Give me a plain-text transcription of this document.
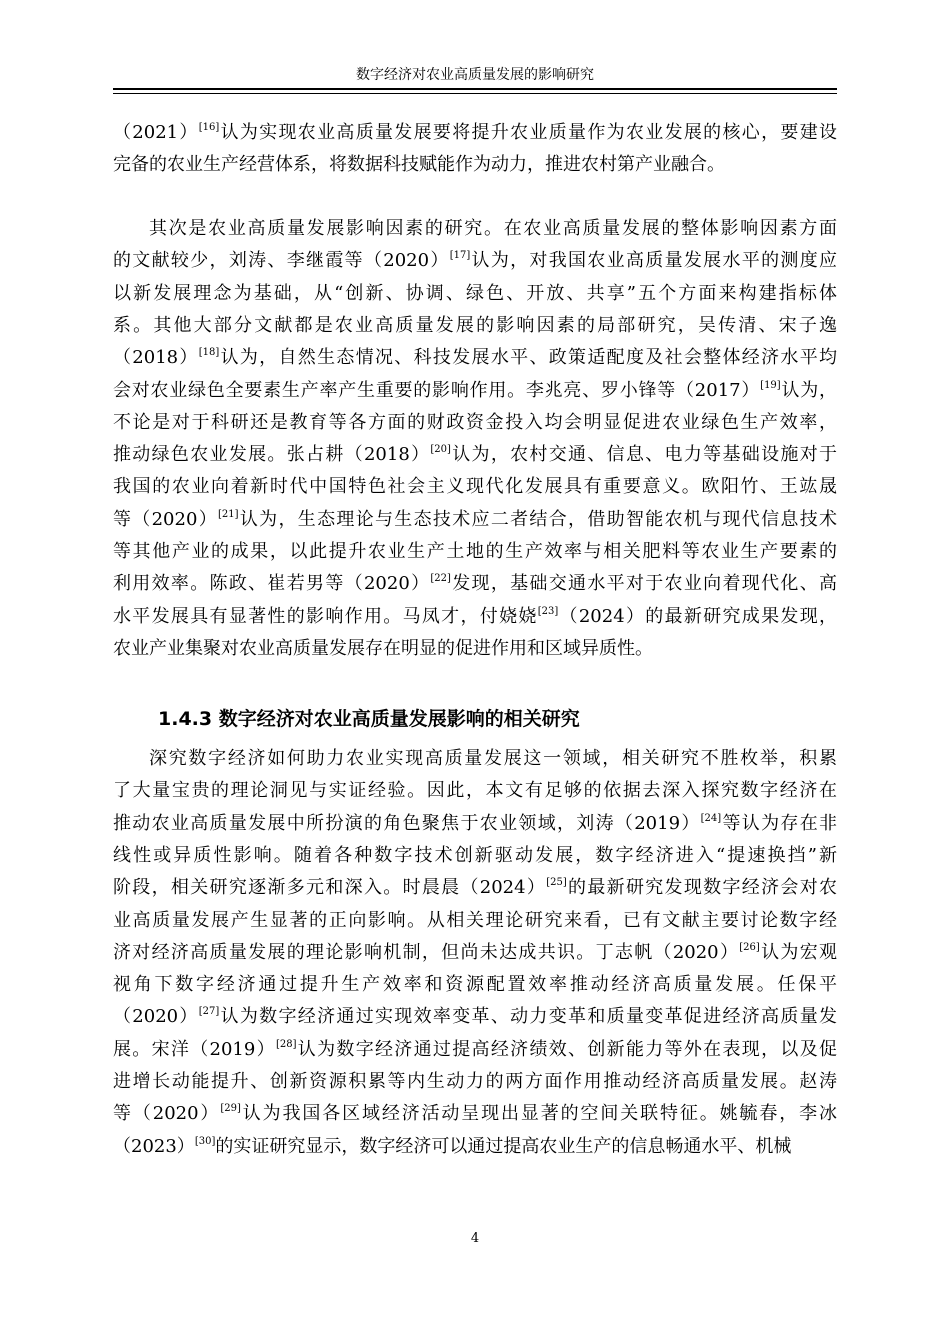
数字经济对农业高质量发展的影响研究
（2021）[16]认为实现农业高质量发展要将提升农业质量作为农业发展的核心，要建设
完备的农业生产经营体系，将数据科技赋能作为动力，推进农村第产业融合。
其次是农业高质量发展影响因素的研究。在农业高质量发展的整体影响因素方面
的文献较少，刘涛、李继霞等（2020）[17]认为，对我国农业高质量发展水平的测度应
以新发展理念为基础，从“创新、协调、绿色、开放、共享”五个方面来构建指标体
系。其他大部分文献都是农业高质量发展的影响因素的局部研究，吴传清、宋子逸
（2018）[18]认为，自然生态情况、科技发展水平、政策适配度及社会整体经济水平均
会对农业绿色全要素生产率产生重要的影响作用。李兆亮、罗小锋等（2017）[19]认为，
不论是对于科研还是教育等各方面的财政资金投入均会明显促进农业绿色生产效率，
推动绿色农业发展。张占耕（2018）[20]认为，农村交通、信息、电力等基础设施对于
我国的农业向着新时代中国特色社会主义现代化发展具有重要意义。欧阳竹、王竑晟
等（2020）[21]认为，生态理论与生态技术应二者结合，借助智能农机与现代信息技术
等其他产业的成果，以此提升农业生产土地的生产效率与相关肥料等农业生产要素的
利用效率。陈政、崔若男等（2020）[22]发现，基础交通水平对于农业向着现代化、高
水平发展具有显著性的影响作用。马凤才，付娆娆[23]（2024）的最新研究成果发现，
农业产业集聚对农业高质量发展存在明显的促进作用和区域异质性。
深究数字经济如何助力农业实现高质量发展这一领域，相关研究不胜枚举，积累
了大量宝贵的理论洞见与实证经验。因此，本文有足够的依据去深入探究数字经济在
推动农业高质量发展中所扮演的角色聚焦于农业领域，刘涛（2019）[24]等认为存在非
线性或异质性影响。随着各种数字技术创新驱动发展，数字经济进入“提速换挡”新
阶段，相关研究逐渐多元和深入。时晨晨（2024）[25]的最新研究发现数字经济会对农
业高质量发展产生显著的正向影响。从相关理论研究来看，已有文献主要讨论数字经
济对经济高质量发展的理论影响机制，但尚未达成共识。丁志帆（2020）[26]认为宏观
视角下数字经济通过提升生产效率和资源配置效率推动经济高质量发展。任保平
（2020）[27]认为数字经济通过实现效率变革、动力变革和质量变革促进经济高质量发
展。宋洋（2019）[28]认为数字经济通过提高经济绩效、创新能力等外在表现，以及促
进增长动能提升、创新资源积累等内生动力的两方面作用推动经济高质量发展。赵涛
等（2020）[29]认为我国各区域经济活动呈现出显著的空间关联特征。姚毓春，李冰
（2023）[30]的实证研究显示，数字经济可以通过提高农业生产的信息畅通水平、机械
1.4.3 数字经济对农业高质量发展影响的相关研究
4
